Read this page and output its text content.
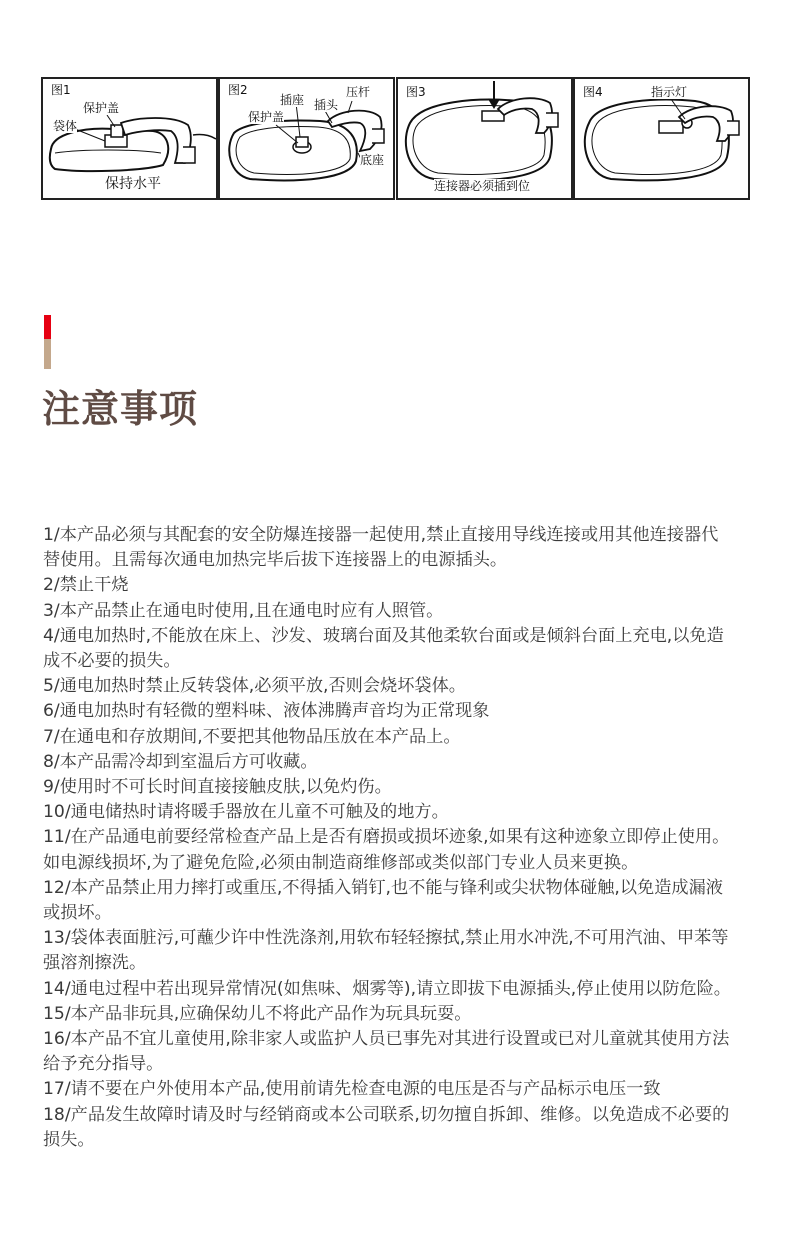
图1
保护盖
袋体
保持水平
图2
插座 插头
压杆
保护盖
底座
图3
连接器必须插到位
图4	指示灯
注意事项
1/本产品必须与其配套的安全防爆连接器一起使用,禁止直接用导线连接或用其他连接器代替使用。且需每次通电加热完毕后拔下连接器上的电源插头。
2/禁止干烧
3/本产品禁止在通电时使用,且在通电时应有人照管。
4/通电加热时,不能放在床上、沙发、玻璃台面及其他柔软台面或是倾斜台面上充电,以免造成不必要的损失。
5/通电加热时禁止反转袋体,必须平放,否则会烧坏袋体。
6/通电加热时有轻微的塑料味、液体沸腾声音均为正常现象
7/在通电和存放期间,不要把其他物品压放在本产品上。
8/本产品需冷却到室温后方可收藏。
9/使用时不可长时间直接接触皮肤,以免灼伤。
10/通电储热时请将暖手器放在儿童不可触及的地方。
11/在产品通电前要经常检查产品上是否有磨损或损坏迹象,如果有这种迹象立即停止使用。如电源线损坏,为了避免危险,必须由制造商维修部或类似部门专业人员来更换。
12/本产品禁止用力摔打或重压,不得插入销钉,也不能与锋利或尖状物体碰触,以免造成漏液或损坏。
13/袋体表面脏污,可蘸少许中性洗涤剂,用软布轻轻擦拭,禁止用水冲洗,不可用汽油、甲苯等强溶剂擦洗。
14/通电过程中若出现异常情况(如焦味、烟雾等),请立即拔下电源插头,停止使用以防危险。
15/本产品非玩具,应确保幼儿不将此产品作为玩具玩耍。
16/本产品不宜儿童使用,除非家人或监护人员已事先对其进行设置或已对儿童就其使用方法给予充分指导。
17/请不要在户外使用本产品,使用前请先检查电源的电压是否与产品标示电压一致
18/产品发生故障时请及时与经销商或本公司联系,切勿擅自拆卸、维修。以免造成不必要的损失。
